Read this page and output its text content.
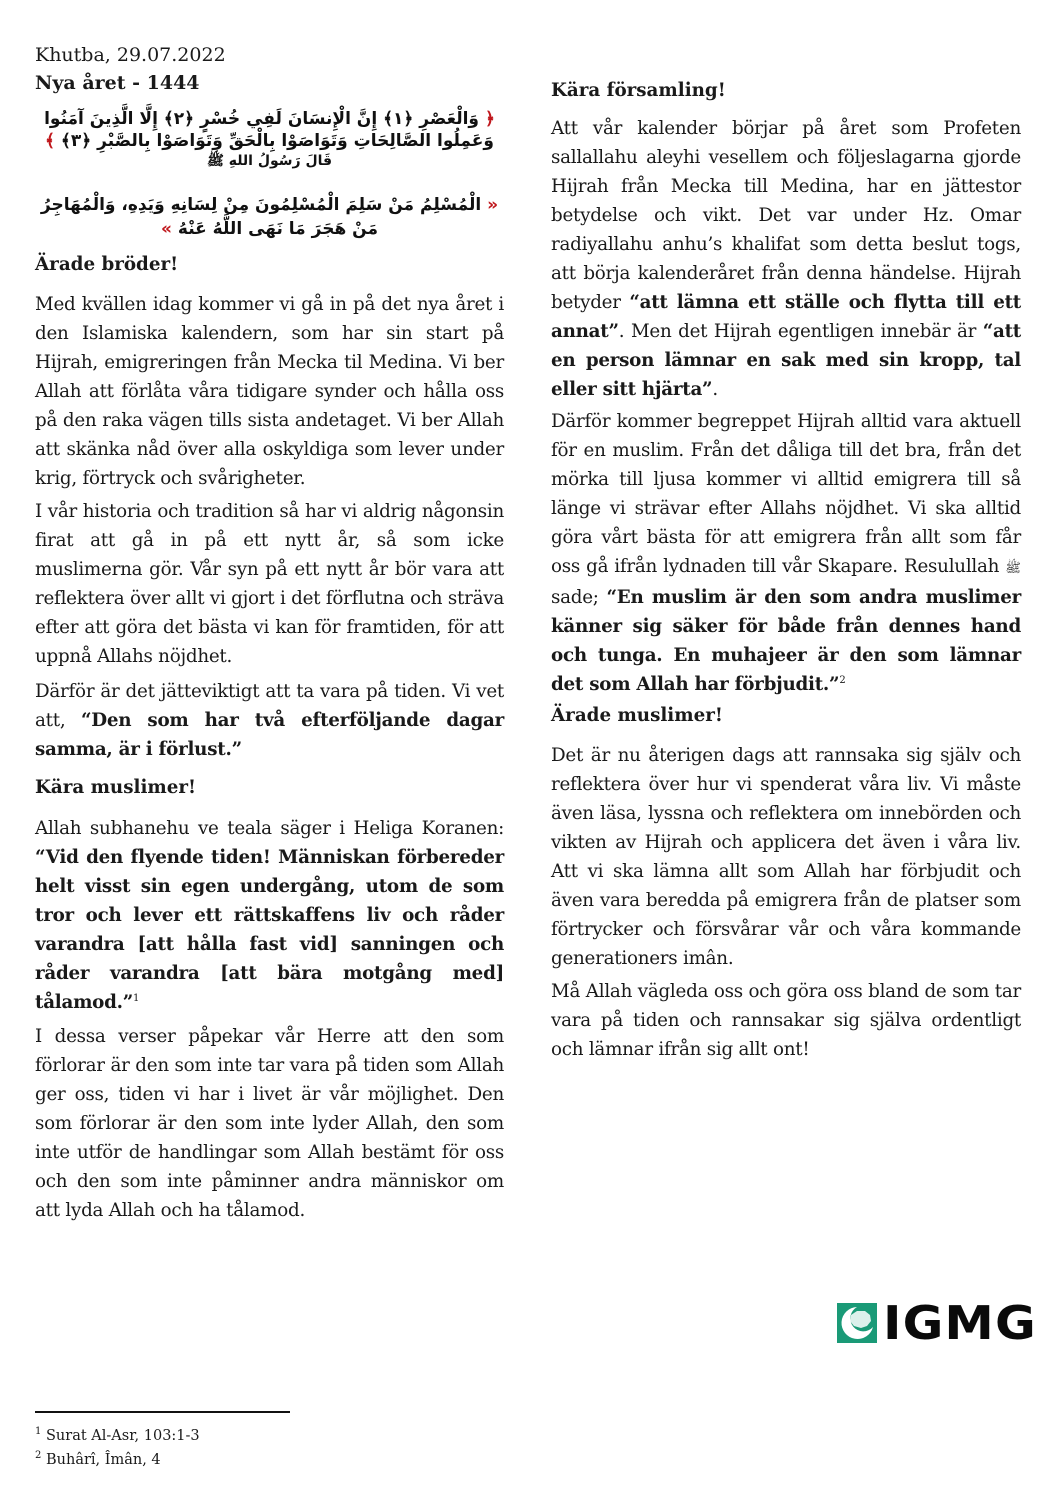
Khutba, 29.07.2022
Nya året - 1444
﴿ وَالْعَصْرِ ﴿١﴾ إِنَّ الْإِنسَانَ لَفِي خُسْرٍ ﴿٢﴾ إِلَّا الَّذِينَ آمَنُوا وَعَمِلُوا الصَّالِحَاتِ وَتَوَاصَوْا بِالْحَقِّ وَتَوَاصَوْا بِالصَّبْرِ ﴿٣﴾ ﴾
قَالَ رَسُولُ اللهِ ﷺ
« الْمُسْلِمُ مَنْ سَلِمَ الْمُسْلِمُونَ مِنْ لِسَانِهِ وَيَدِهِ، وَالْمُهَاجِرُ مَنْ هَجَرَ مَا نَهَى اللَّهُ عَنْهُ »
Ärade bröder!
Med kvällen idag kommer vi gå in på det nya året i den Islamiska kalendern, som har sin start på Hijrah, emigreringen från Mecka til Medina. Vi ber Allah att förlåta våra tidigare synder och hålla oss på den raka vägen tills sista andetaget. Vi ber Allah att skänka nåd över alla oskyldiga som lever under krig, förtryck och svårigheter.
I vår historia och tradition så har vi aldrig någonsin firat att gå in på ett nytt år, så som icke muslimerna gör. Vår syn på ett nytt år bör vara att reflektera över allt vi gjort i det förflutna och sträva efter att göra det bästa vi kan för framtiden, för att uppnå Allahs nöjdhet.
Därför är det jätteviktigt att ta vara på tiden. Vi vet att, “Den som har två efterföljande dagar samma, är i förlust.”
Kära muslimer!
Allah subhanehu ve teala säger i Heliga Koranen: “Vid den flyende tiden! Människan förbereder helt visst sin egen undergång, utom de som tror och lever ett rättskaffens liv och råder varandra [att hålla fast vid] sanningen och råder varandra [att bära motgång med] tålamod.”$^1$
I dessa verser påpekar vår Herre att den som förlorar är den som inte tar vara på tiden som Allah ger oss, tiden vi har i livet är vår möjlighet. Den som förlorar är den som inte lyder Allah, den som inte utför de handlingar som Allah bestämt för oss och den som inte påminner andra människor om att lyda Allah och ha tålamod.
Kära församling!
Att vår kalender börjar på året som Profeten sallallahu aleyhi vesellem och följeslagarna gjorde Hijrah från Mecka till Medina, har en jättestor betydelse och vikt. Det var under Hz. Omar radiyallahu anhu’s khalifat som detta beslut togs, att börja kalenderåret från denna händelse. Hijrah betyder “att lämna ett ställe och flytta till ett annat”. Men det Hijrah egentligen innebär är “att en person lämnar en sak med sin kropp, tal eller sitt hjärta”.
Därför kommer begreppet Hijrah alltid vara aktuell för en muslim. Från det dåliga till det bra, från det mörka till ljusa kommer vi alltid emigrera till så länge vi strävar efter Allahs nöjdhet. Vi ska alltid göra vårt bästa för att emigrera från allt som får oss gå ifrån lydnaden till vår Skapare. Resulullah ﷺ sade; “En muslim är den som andra muslimer känner sig säker för både från dennes hand och tunga. En muhajeer är den som lämnar det som Allah har förbjudit.”$^2$
Ärade muslimer!
Det är nu återigen dags att rannsaka sig själv och reflektera över hur vi spenderat våra liv. Vi måste även läsa, lyssna och reflektera om innebörden och vikten av Hijrah och applicera det även i våra liv. Att vi ska lämna allt som Allah har förbjudit och även vara beredda på emigrera från de platser som förtrycker och försvårar vår och våra kommande generationers imân.
Må Allah vägleda oss och göra oss bland de som tar vara på tiden och rannsakar sig själva ordentligt och lämnar ifrån sig allt ont!
IGMG
$^1$ Surat Al-Asr, 103:1-3
$^2$ Buhârî, Îmân, 4
